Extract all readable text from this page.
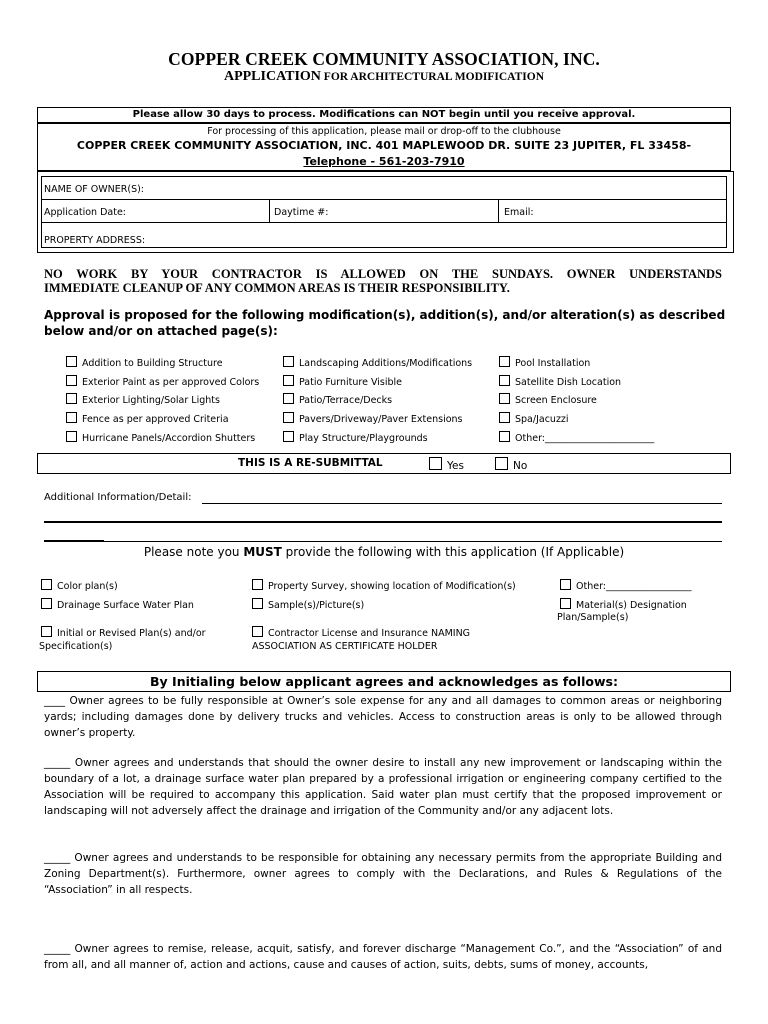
COPPER CREEK COMMUNITY ASSOCIATION, INC.
APPLICATION FOR ARCHITECTURAL MODIFICATION
Please allow 30 days to process. Modifications can NOT begin until you receive approval.
For processing of this application, please mail or drop-off to the clubhouse
COPPER CREEK COMMUNITY ASSOCIATION, INC. 401 MAPLEWOOD DR. SUITE 23 JUPITER, FL 33458-
Telephone - 561-203-7910
NAME OF OWNER(S):
Application Date:	Daytime #:	Email:
PROPERTY ADDRESS:
NO WORK BY YOUR CONTRACTOR IS ALLOWED ON THE SUNDAYS. OWNER UNDERSTANDS
IMMEDIATE CLEANUP OF ANY COMMON AREAS IS THEIR RESPONSIBILITY.
Approval is proposed for the following modification(s), addition(s), and/or alteration(s) as described below and/or on attached page(s):
Addition to Building Structure
Exterior Paint as per approved Colors
Exterior Lighting/Solar Lights
Fence as per approved Criteria
Hurricane Panels/Accordion Shutters
Landscaping Additions/Modifications
Patio Furniture Visible
Patio/Terrace/Decks
Pavers/Driveway/Paver Extensions
Play Structure/Playgrounds
Pool Installation
Satellite Dish Location
Screen Enclosure
Spa/Jacuzzi
Other:_______________________
THIS IS A RE-SUBMITTAL	Yes	No
Additional Information/Detail:
Please note you MUST provide the following with this application (If Applicable)
Color plan(s)
Drainage Surface Water Plan
Initial or Revised Plan(s) and/or
Specification(s)
Property Survey, showing location of Modification(s)
Sample(s)/Picture(s)
Contractor License and Insurance NAMING
ASSOCIATION AS CERTIFICATE HOLDER
Other:__________________
Material(s) Designation
Plan/Sample(s)
By Initialing below applicant agrees and acknowledges as follows:
____ Owner agrees to be fully responsible at Owner’s sole expense for any and all damages to common areas or neighboring yards; including damages done by delivery trucks and vehicles. Access to construction areas is only to be allowed through owner’s property.
_____ Owner agrees and understands that should the owner desire to install any new improvement or landscaping within the boundary of a lot, a drainage surface water plan prepared by a professional irrigation or engineering company certified to the Association will be required to accompany this application. Said water plan must certify that the proposed improvement or landscaping will not adversely affect the drainage and irrigation of the Community and/or any adjacent lots.
_____ Owner agrees and understands to be responsible for obtaining any necessary permits from the appropriate Building and Zoning Department(s). Furthermore, owner agrees to comply with the Declarations, and Rules & Regulations of the “Association” in all respects.
_____ Owner agrees to remise, release, acquit, satisfy, and forever discharge “Management Co.”, and the “Association” of and from all, and all manner of, action and actions, cause and causes of action, suits, debts, sums of money, accounts,
